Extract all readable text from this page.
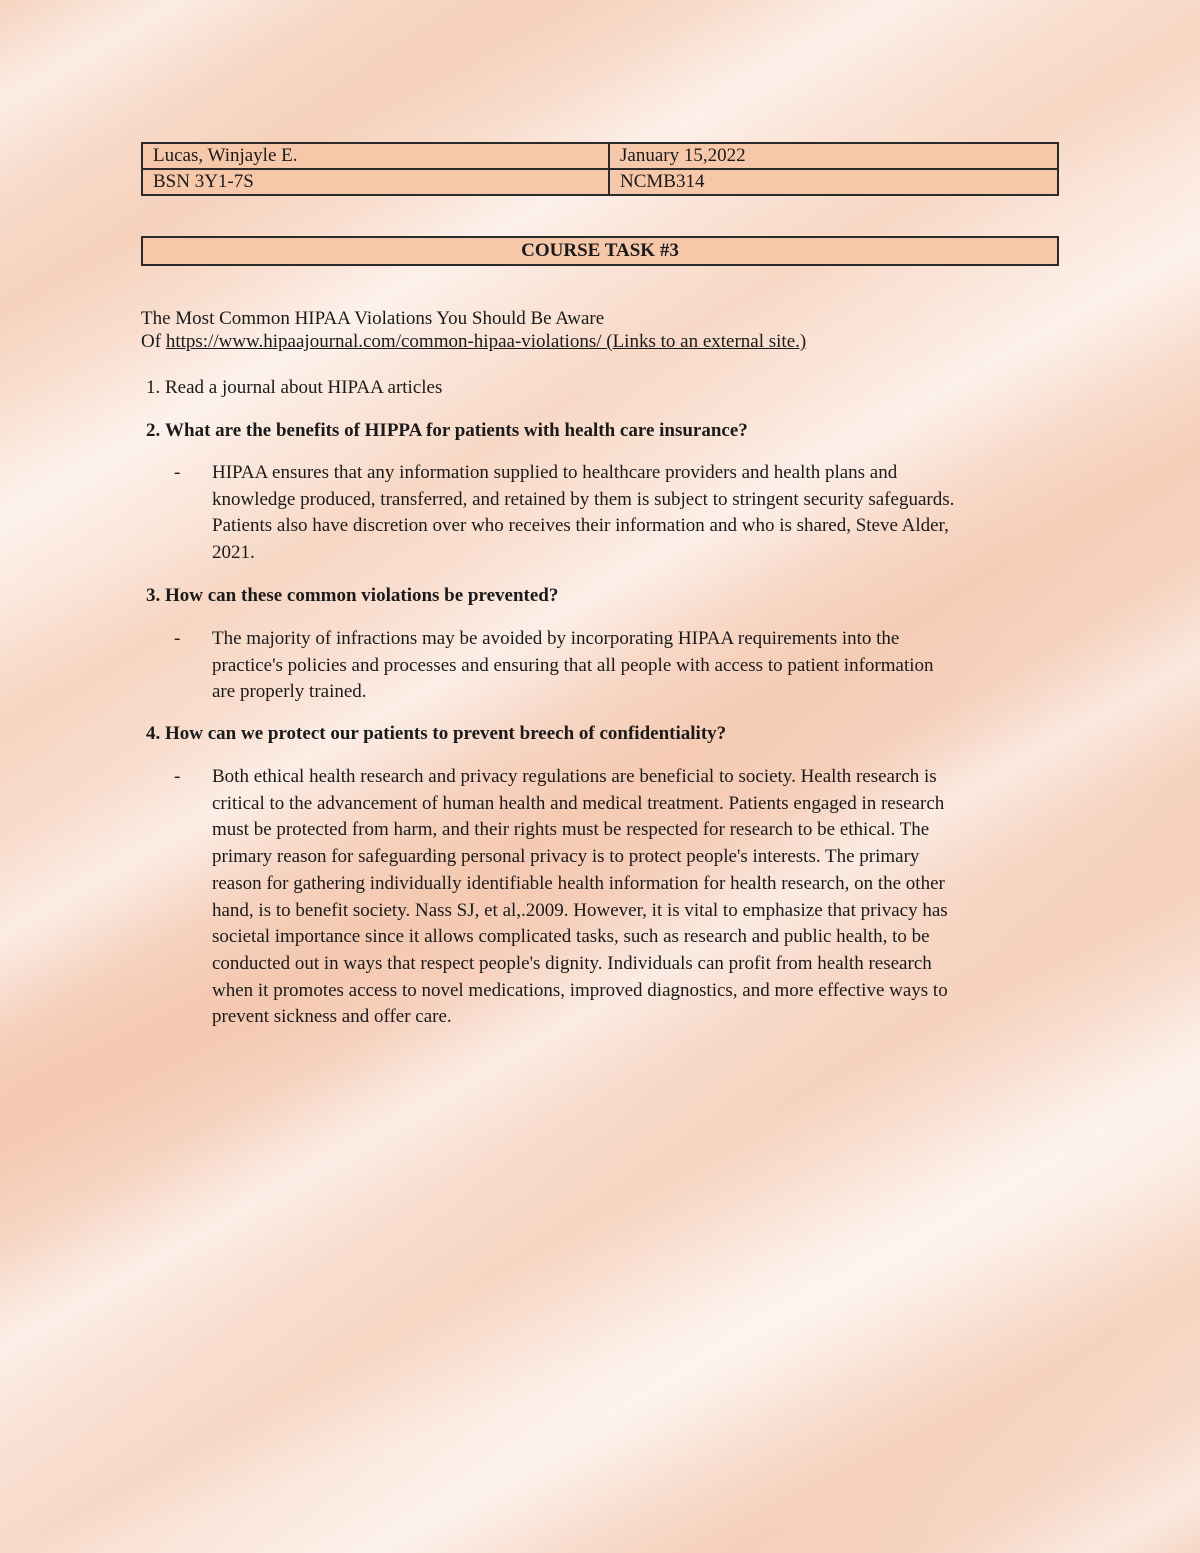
Lucas, Winjayle E.	January 15,2022
BSN 3Y1-7S	NCMB314
COURSE TASK #3
The Most Common HIPAA Violations You Should Be Aware
Of https://www.hipaajournal.com/common-hipaa-violations/ (Links to an external site.)
1. Read a journal about HIPAA articles
2. What are the benefits of HIPPA for patients with health care insurance?
- HIPAA ensures that any information supplied to healthcare providers and health plans and
knowledge produced, transferred, and retained by them is subject to stringent security safeguards.
Patients also have discretion over who receives their information and who is shared, Steve Alder,
2021.
3. How can these common violations be prevented?
- The majority of infractions may be avoided by incorporating HIPAA requirements into the
practice's policies and processes and ensuring that all people with access to patient information
are properly trained.
4. How can we protect our patients to prevent breech of confidentiality?
- Both ethical health research and privacy regulations are beneficial to society. Health research is
critical to the advancement of human health and medical treatment. Patients engaged in research
must be protected from harm, and their rights must be respected for research to be ethical. The
primary reason for safeguarding personal privacy is to protect people's interests. The primary
reason for gathering individually identifiable health information for health research, on the other
hand, is to benefit society. Nass SJ, et al,.2009. However, it is vital to emphasize that privacy has
societal importance since it allows complicated tasks, such as research and public health, to be
conducted out in ways that respect people's dignity. Individuals can profit from health research
when it promotes access to novel medications, improved diagnostics, and more effective ways to
prevent sickness and offer care.
